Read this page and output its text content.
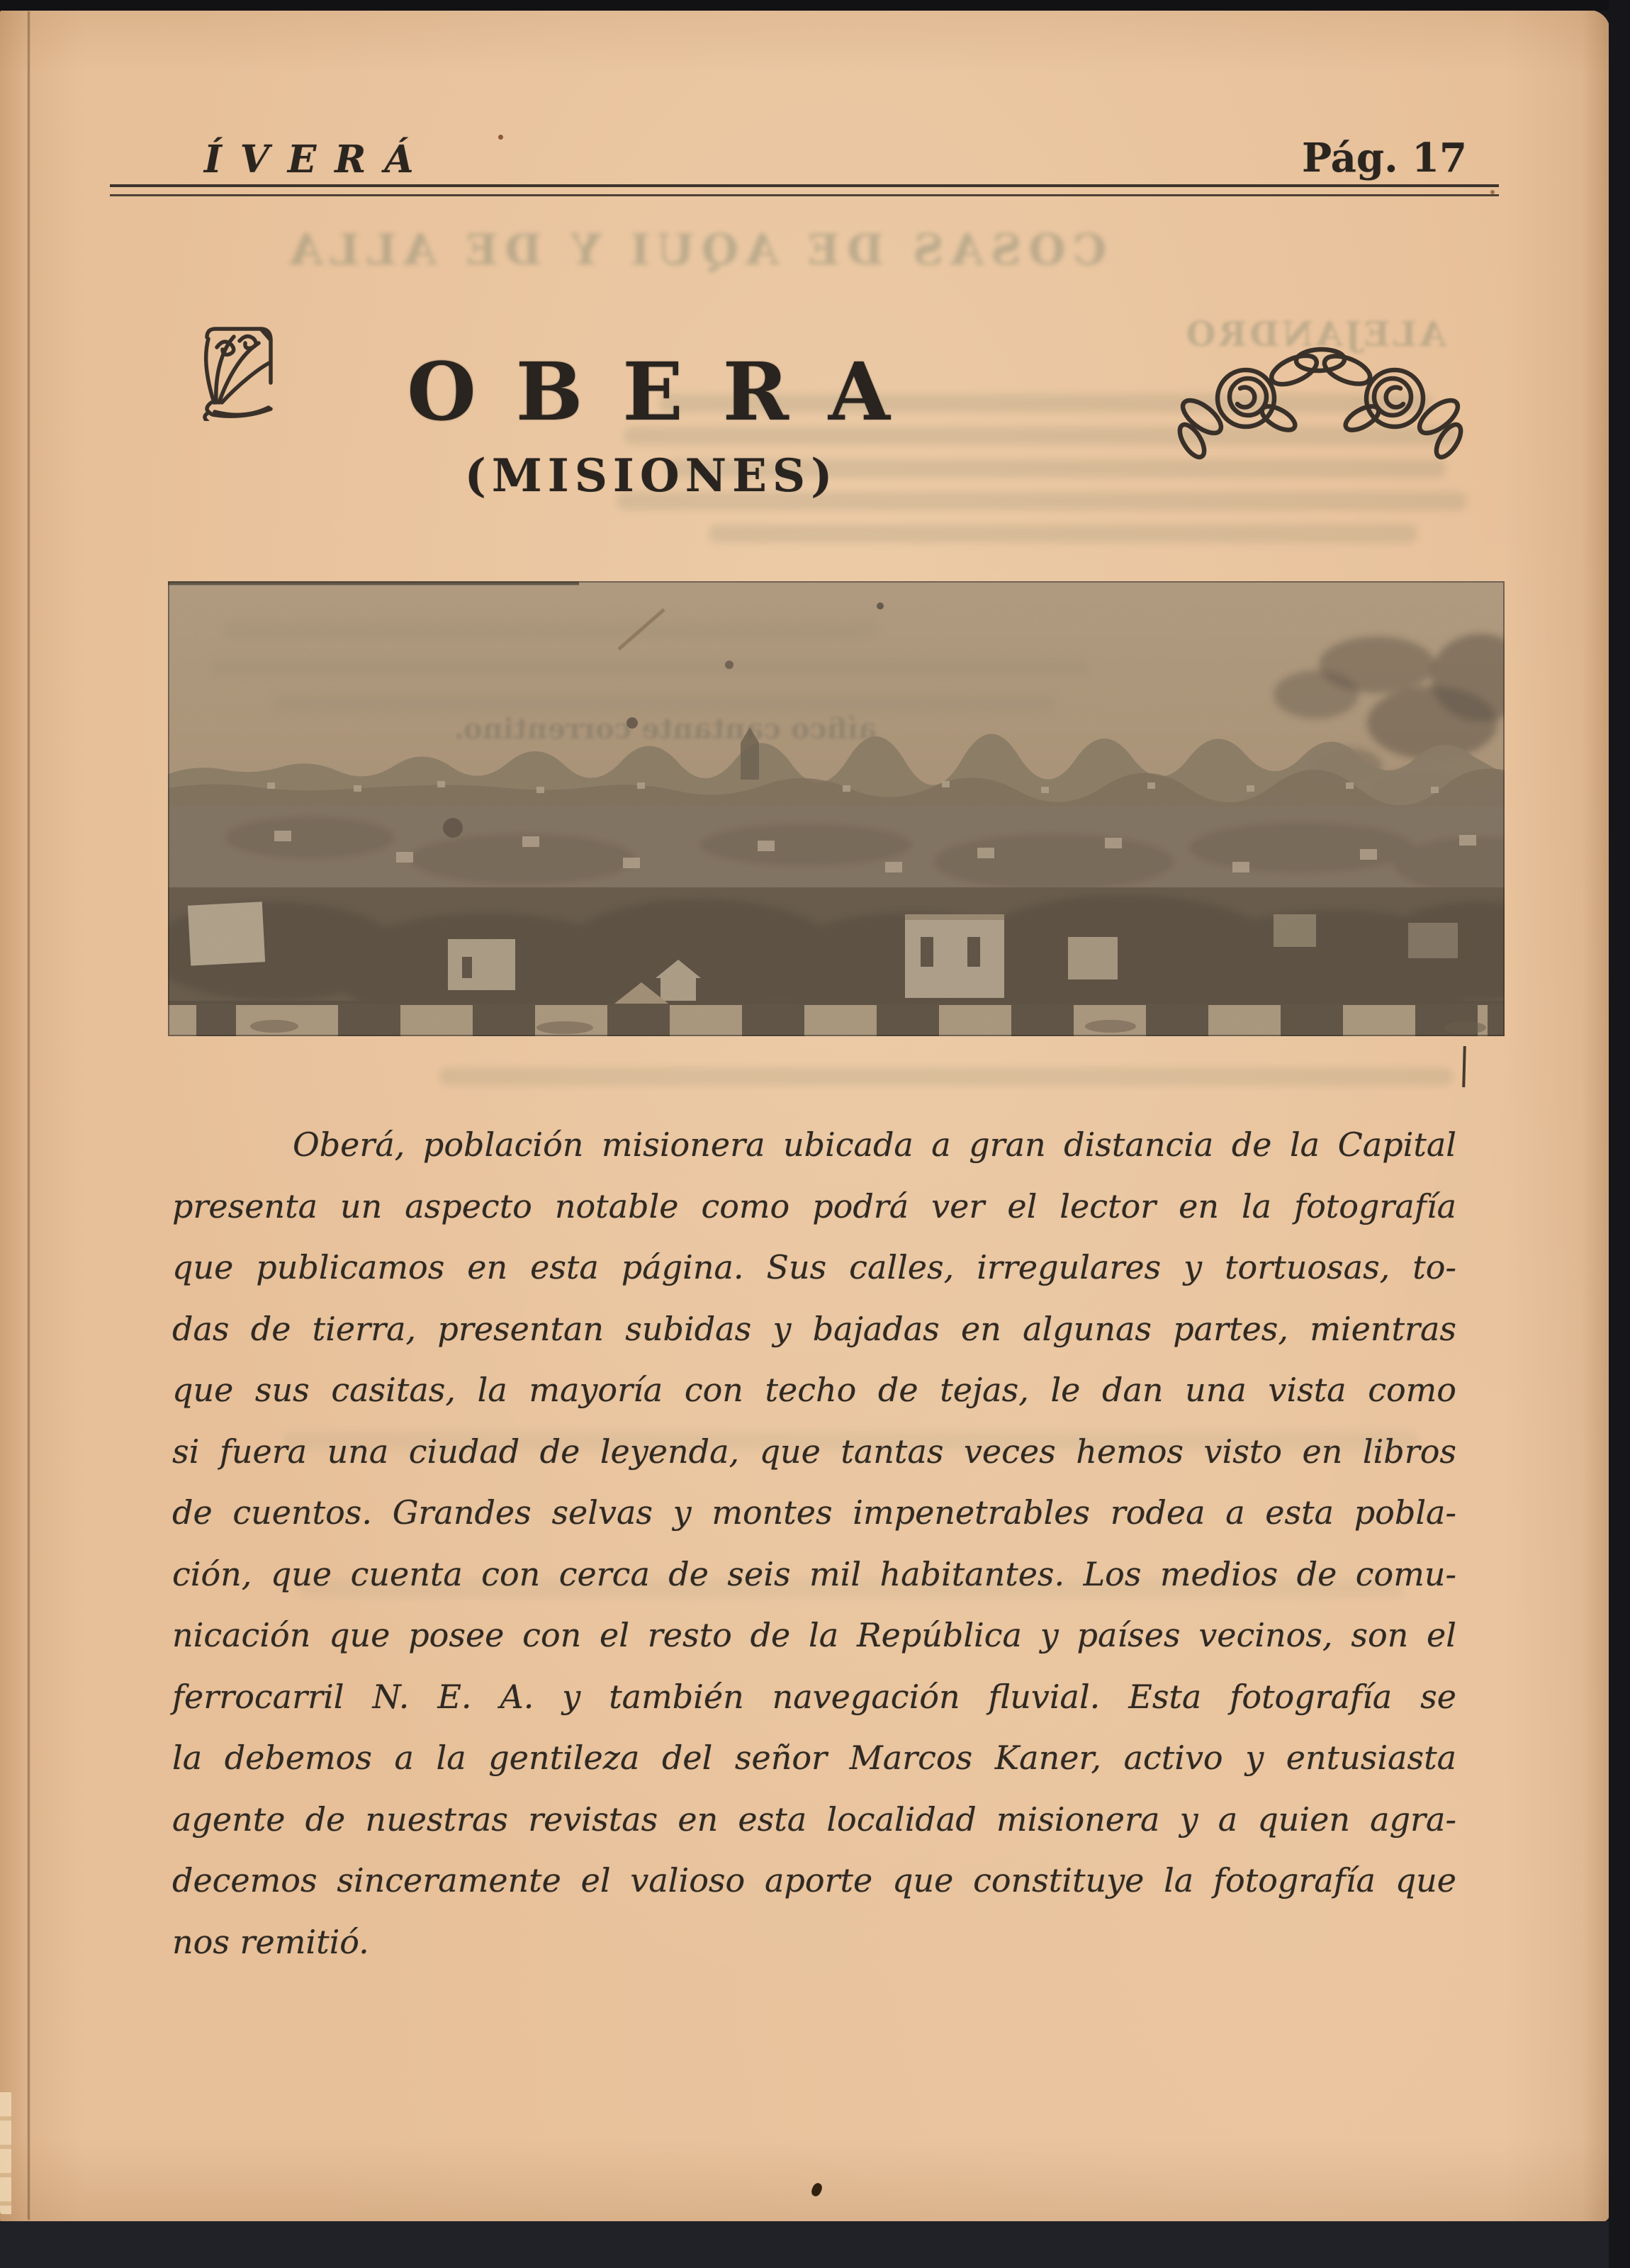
ÍVERÁ	Pág. 17
COSAS DE AQUI Y DE ALLA
ALEJANDRO
OBERA
(MISIONES)
Oberá, población misionera ubicada a gran distancia de la Capital
presenta un aspecto notable como podrá ver el lector en la fotografía
que publicamos en esta página. Sus calles, irregulares y tortuosas, to-
das de tierra, presentan subidas y bajadas en algunas partes, mientras
que sus casitas, la mayoría con techo de tejas, le dan una vista como
si fuera una ciudad de leyenda, que tantas veces hemos visto en libros
de cuentos. Grandes selvas y montes impenetrables rodea a esta pobla-
ción, que cuenta con cerca de seis mil habitantes. Los medios de comu-
nicación que posee con el resto de la República y países vecinos, son el
ferrocarril N. E. A. y también navegación fluvial. Esta fotografía se
la debemos a la gentileza del señor Marcos Kaner, activo y entusiasta
agente de nuestras revistas en esta localidad misionera y a quien agra-
decemos sinceramente el valioso aporte que constituye la fotografía que
nos remitió.
